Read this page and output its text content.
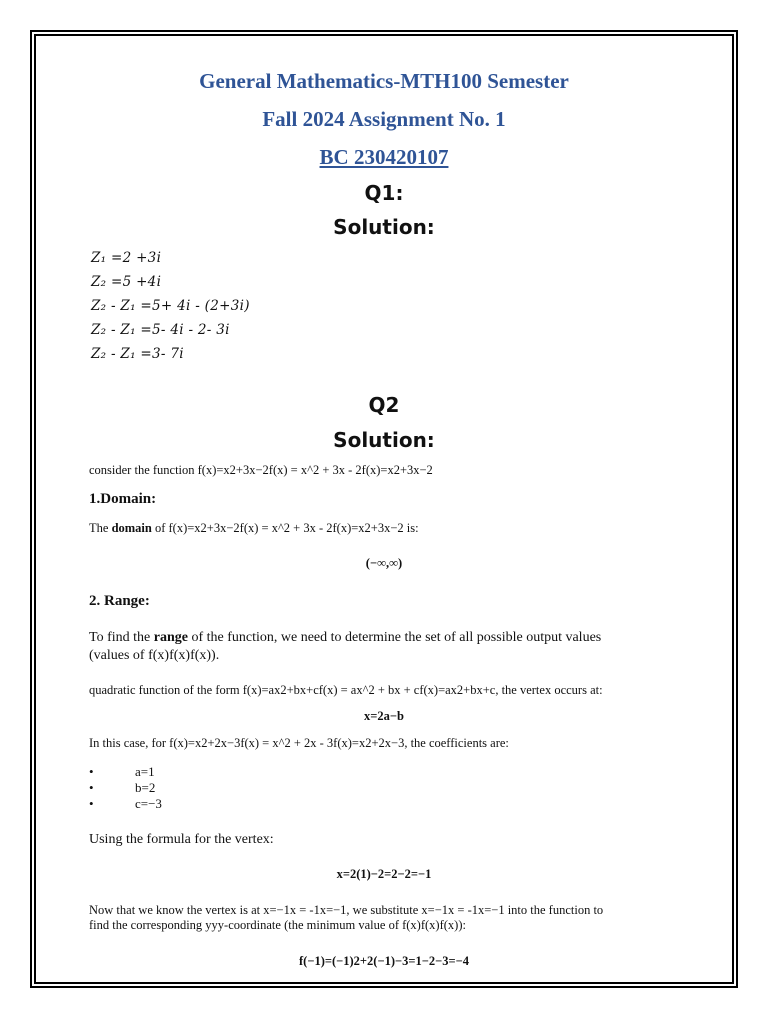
General Mathematics-MTH100 Semester
Fall 2024 Assignment No. 1
BC 230420107
Q1:
Solution:
Z₁ =2 +3i
Z₂ =5 +4i
Z₂ - Z₁ =5+ 4i - (2+3i)
Z₂ - Z₁ =5- 4i - 2- 3i
Z₂ - Z₁ =3- 7i
Q2
Solution:
consider the function f(x)=x2+3x−2f(x) = x^2 + 3x - 2f(x)=x2+3x−2
1.Domain:
The domain of f(x)=x2+3x−2f(x) = x^2 + 3x - 2f(x)=x2+3x−2 is:
(−∞,∞)
2. Range:
To find the range of the function, we need to determine the set of all possible output values
(values of f(x)f(x)f(x)).
quadratic function of the form f(x)=ax2+bx+cf(x) = ax^2 + bx + cf(x)=ax2+bx+c, the vertex occurs at:
x=2a−b
In this case, for f(x)=x2+2x−3f(x) = x^2 + 2x - 3f(x)=x2+2x−3, the coefficients are:
•	a=1
•	b=2
•	c=−3
Using the formula for the vertex:
x=2(1)−2=2−2=−1
Now that we know the vertex is at x=−1x = -1x=−1, we substitute x=−1x = -1x=−1 into the function to
find the corresponding yyy-coordinate (the minimum value of f(x)f(x)f(x)):
f(−1)=(−1)2+2(−1)−3=1−2−3=−4
